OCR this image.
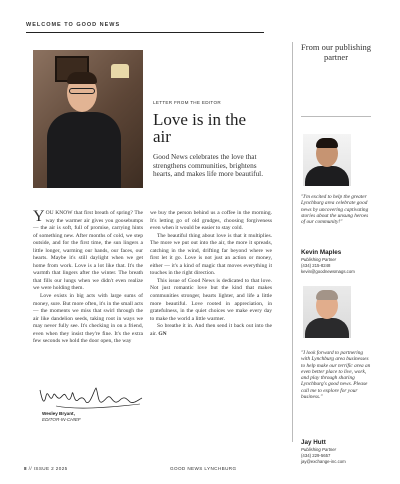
WELCOME TO GOOD NEWS
LETTER FROM THE EDITOR
Love is in the air
Good News celebrates the love that strengthens communities, brightens hearts, and makes life more beautiful.

YOU KNOW that first breath of spring? The way the warmer air gives you goosebumps — the air is soft, full of promise, carrying hints of something new. After months of cold, we step outside, and for the first time, the sun lingers a little longer, warming our hands, our faces, our hearts. Maybe it's still daylight when we get home from work. Love is a lot like that. It's the warmth that lingers after the winter. The breath that fills our lungs when we didn't even realize we were holding them.

Love exists in big acts with large sums of money, sure. But more often, it's in the small acts — the moments we miss that swirl through the air like dandelion seeds, taking root in ways we may never fully see. It's checking in on a friend, even when they insist they're fine. It's the extra few seconds we hold the door open, the way

we buy the person behind us a coffee in the morning. It's letting go of old grudges, choosing forgiveness even when it would be easier to stay cold.

The beautiful thing about love is that it multiplies. The more we put out into the air, the more it spreads, catching in the wind, drifting far beyond where we first let it go. Love is not just an action or money, either — it's a kind of magic that moves everything it touches in the right direction.

This issue of Good News is dedicated to that love. Not just romantic love but the kind that makes communities stronger, hearts lighter, and life a little more beautiful. Love rooted in appreciation, in gratefulness, in the quiet choices we make every day to make the world a little warmer.

So breathe it in. And then send it back out into the air. GN

Wesley Bryant,
EDITOR-IN-CHIEF
From our publishing partner
"I'm excited to help the greater Lynchburg area celebrate good news by uncovering captivating stories about the unsung heroes of our community!"
Kevin Maples
Publishing Partner
(434) 215-8248
kevin@goodnewsmags.com
"I look forward to partnering with Lynchburg area businesses to help make our terrific area an even better place to live, work, and play through sharing Lynchburg's good news. Please call me to explore for your business."
Jay Hutt
Publishing Partner
(434) 229-5657
jay@exchange-inc.com
8 // ISSUE 2 2025	GOOD NEWS LYNCHBURG
